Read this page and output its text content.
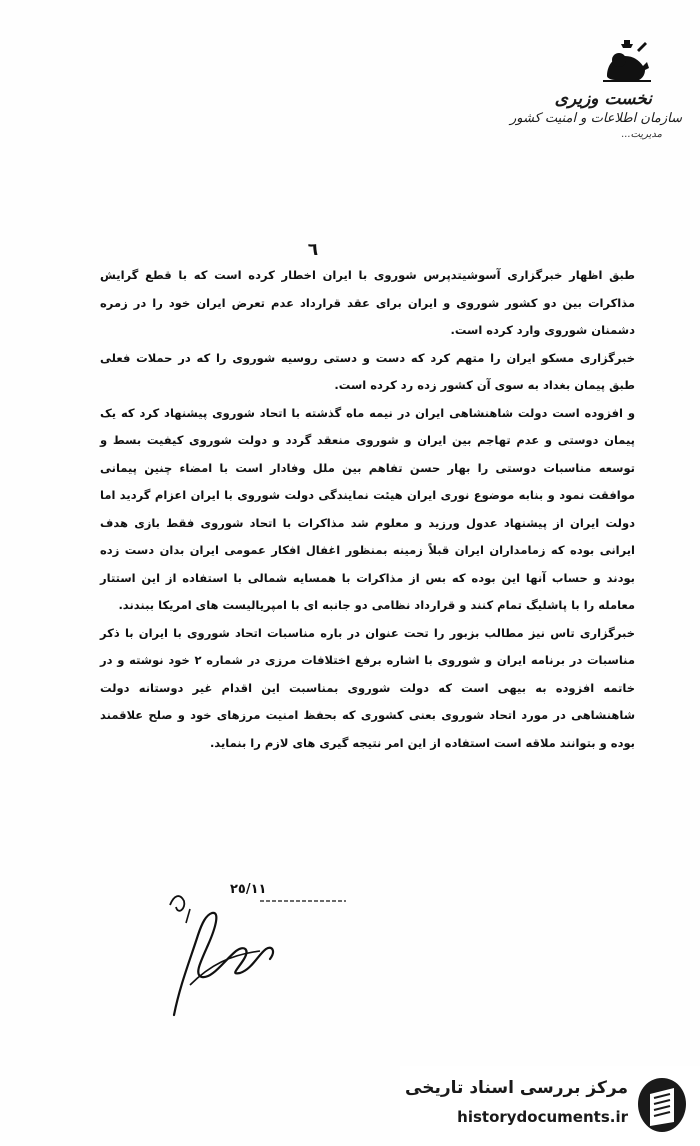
نخست وزیری
سازمان اطلاعات و امنیت کشور
مدیریت...
٦

طبق اظهار خبرگزاری آسوشیتدپرس شوروی با ایران اخطار کرده است که با قطع گرایش مذاکرات بین دو کشور شوروی و ایران برای عقد قرارداد عدم تعرض ایران خود را در زمره دشمنان شوروی وارد کرده است.

خبرگزاری مسکو ایران را متهم کرد که دست و دستی روسیه شوروی را که در حملات فعلی طبق پیمان بغداد به سوی آن کشور زده رد کرده است.

و افزوده است دولت شاهنشاهی ایران در نیمه ماه گذشته با اتحاد شوروی پیشنهاد کرد که یک پیمان دوستی و عدم تهاجم بین ایران و شوروی منعقد گردد و دولت شوروی کیفیت بسط و توسعه مناسبات دوستی را بهار حسن تفاهم بین ملل وفادار است با امضاء چنین پیمانی موافقت نمود و بنابه موضوع نوری ایران هیئت نمایندگی دولت شوروی با ایران اعزام گردید اما دولت ایران از پیشنهاد عدول ورزید و معلوم شد مذاکرات با اتحاد شوروی فقط بازی هدف ایرانی بوده که زمامداران ایران قبلاً زمینه بمنظور اغفال افکار عمومی ایران بدان دست زده بودند و حساب آنها این بوده که بس از مذاکرات با همسایه شمالی با استفاده از این استتار معامله را با پاشلیگ تمام کنند و قرارداد نظامی دو جانبه ای با امپریالیست های امریکا ببندند.

خبرگزاری تاس نیز مطالب بزبور را تحت عنوان در باره مناسبات اتحاد شوروی با ایران با ذکر مناسبات در برنامه ایران و شوروی با اشاره برفع اختلافات مرزی در شماره ۲ خود نوشته و در خاتمه افزوده به بیهی است که دولت شوروی بمناسبت این اقدام غیر دوستانه دولت شاهنشاهی در مورد اتحاد شوروی بعنی کشوری که بحفظ امنیت مرزهای خود و صلح علاقمند بوده و بتوانند ملاقه است استفاده از این امر نتیجه گیری های لازم را بنماید.

٢٥/١١
مرکز بررسی اسناد تاریخی
historydocuments.ir
